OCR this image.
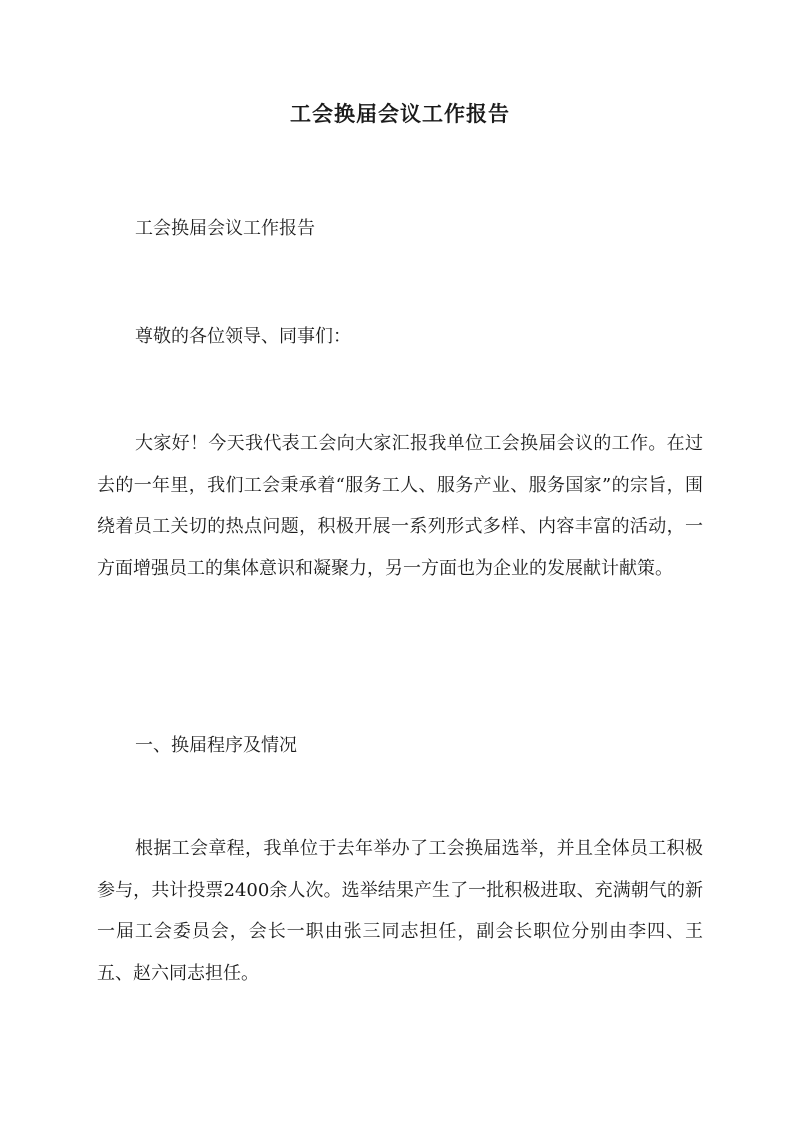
工会换届会议工作报告

工会换届会议工作报告

尊敬的各位领导、同事们：

大家好！今天我代表工会向大家汇报我单位工会换届会议的工作。在过去的一年里，我们工会秉承着“服务工人、服务产业、服务国家”的宗旨，围绕着员工关切的热点问题，积极开展一系列形式多样、内容丰富的活动，一方面增强员工的集体意识和凝聚力，另一方面也为企业的发展献计献策。

一、换届程序及情况

根据工会章程，我单位于去年举办了工会换届选举，并且全体员工积极参与，共计投票2400余人次。选举结果产生了一批积极进取、充满朝气的新一届工会委员会，会长一职由张三同志担任，副会长职位分别由李四、王五、赵六同志担任。
